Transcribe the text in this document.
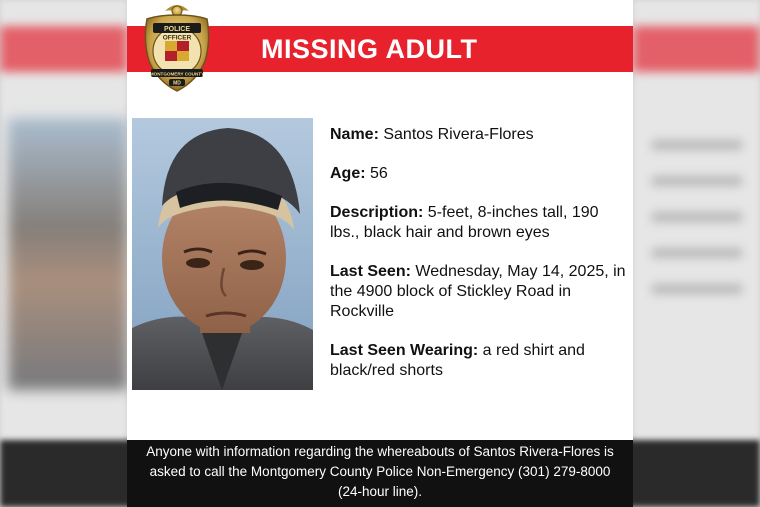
MISSING ADULT
POLICE
OFFICER
MONTGOMERY COUNTY
MD

Name: Santos Rivera-Flores

Age: 56

Description: 5-feet, 8-inches tall, 190 lbs., black hair and brown eyes

Last Seen: Wednesday, May 14, 2025, in the 4900 block of Stickley Road in Rockville

Last Seen Wearing: a red shirt and black/red shorts

Anyone with information regarding the whereabouts of Santos Rivera-Flores is asked to call the Montgomery County Police Non-Emergency (301) 279-8000 (24-hour line).
